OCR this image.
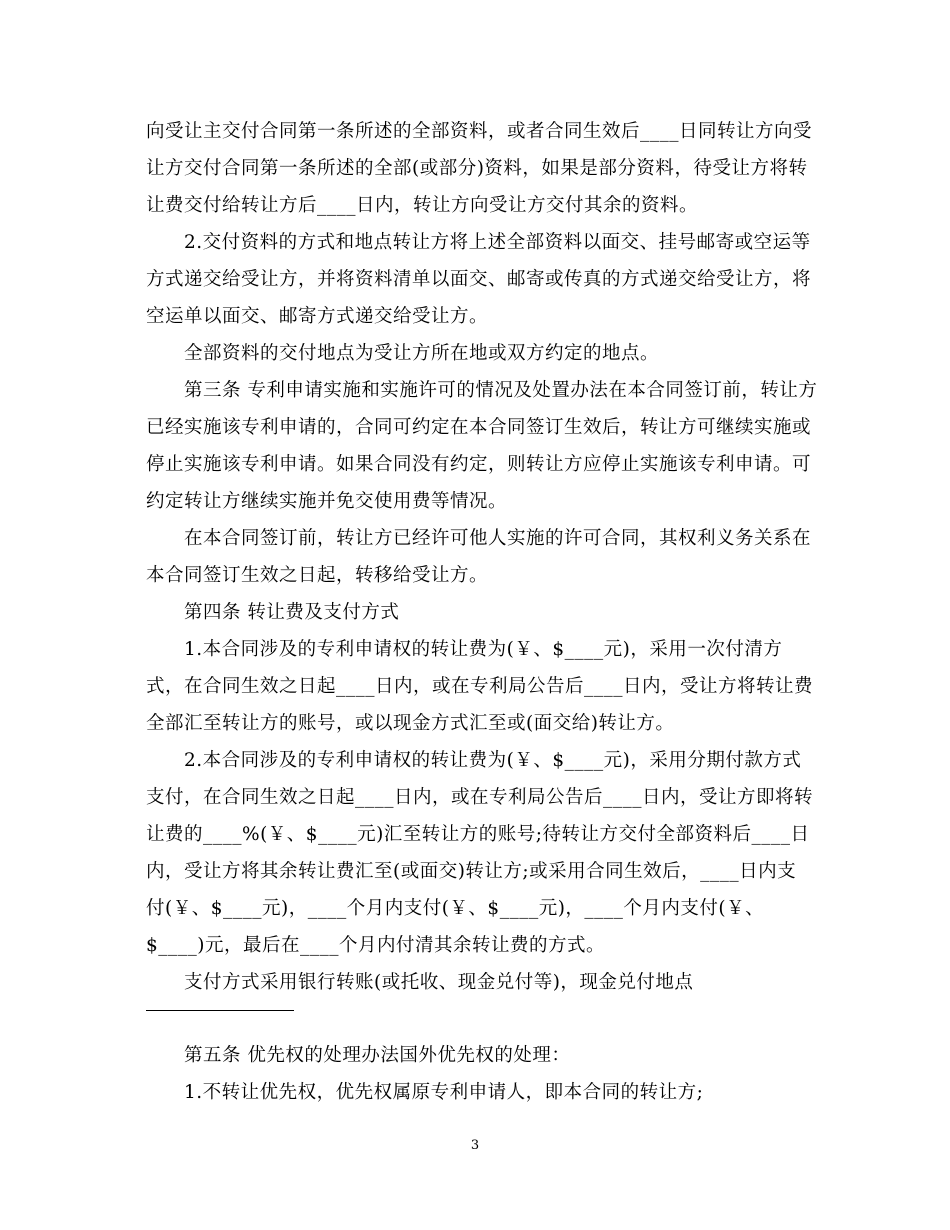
向受让主交付合同第一条所述的全部资料，或者合同生效后____日同转让方向受
让方交付合同第一条所述的全部(或部分)资料，如果是部分资料，待受让方将转
让费交付给转让方后____日内，转让方向受让方交付其余的资料。
2.交付资料的方式和地点转让方将上述全部资料以面交、挂号邮寄或空运等
方式递交给受让方，并将资料清单以面交、邮寄或传真的方式递交给受让方，将
空运单以面交、邮寄方式递交给受让方。
全部资料的交付地点为受让方所在地或双方约定的地点。
第三条 专利申请实施和实施许可的情况及处置办法在本合同签订前，转让方
已经实施该专利申请的，合同可约定在本合同签订生效后，转让方可继续实施或
停止实施该专利申请。如果合同没有约定，则转让方应停止实施该专利申请。可
约定转让方继续实施并免交使用费等情况。
在本合同签订前，转让方已经许可他人实施的许可合同，其权利义务关系在
本合同签订生效之日起，转移给受让方。
第四条 转让费及支付方式
1.本合同涉及的专利申请权的转让费为(￥、$____元)，采用一次付清方
式，在合同生效之日起____日内，或在专利局公告后____日内，受让方将转让费
全部汇至转让方的账号，或以现金方式汇至或(面交给)转让方。
2.本合同涉及的专利申请权的转让费为(￥、$____元)，采用分期付款方式
支付，在合同生效之日起____日内，或在专利局公告后____日内，受让方即将转
让费的____%(￥、$____元)汇至转让方的账号;待转让方交付全部资料后____日
内，受让方将其余转让费汇至(或面交)转让方;或采用合同生效后，____日内支
付(￥、$____元)，____个月内支付(￥、$____元)，____个月内支付(￥、
$____)元，最后在____个月内付清其余转让费的方式。
支付方式采用银行转账(或托收、现金兑付等)，现金兑付地点
第五条 优先权的处理办法国外优先权的处理：
1.不转让优先权，优先权属原专利申请人，即本合同的转让方;
3
